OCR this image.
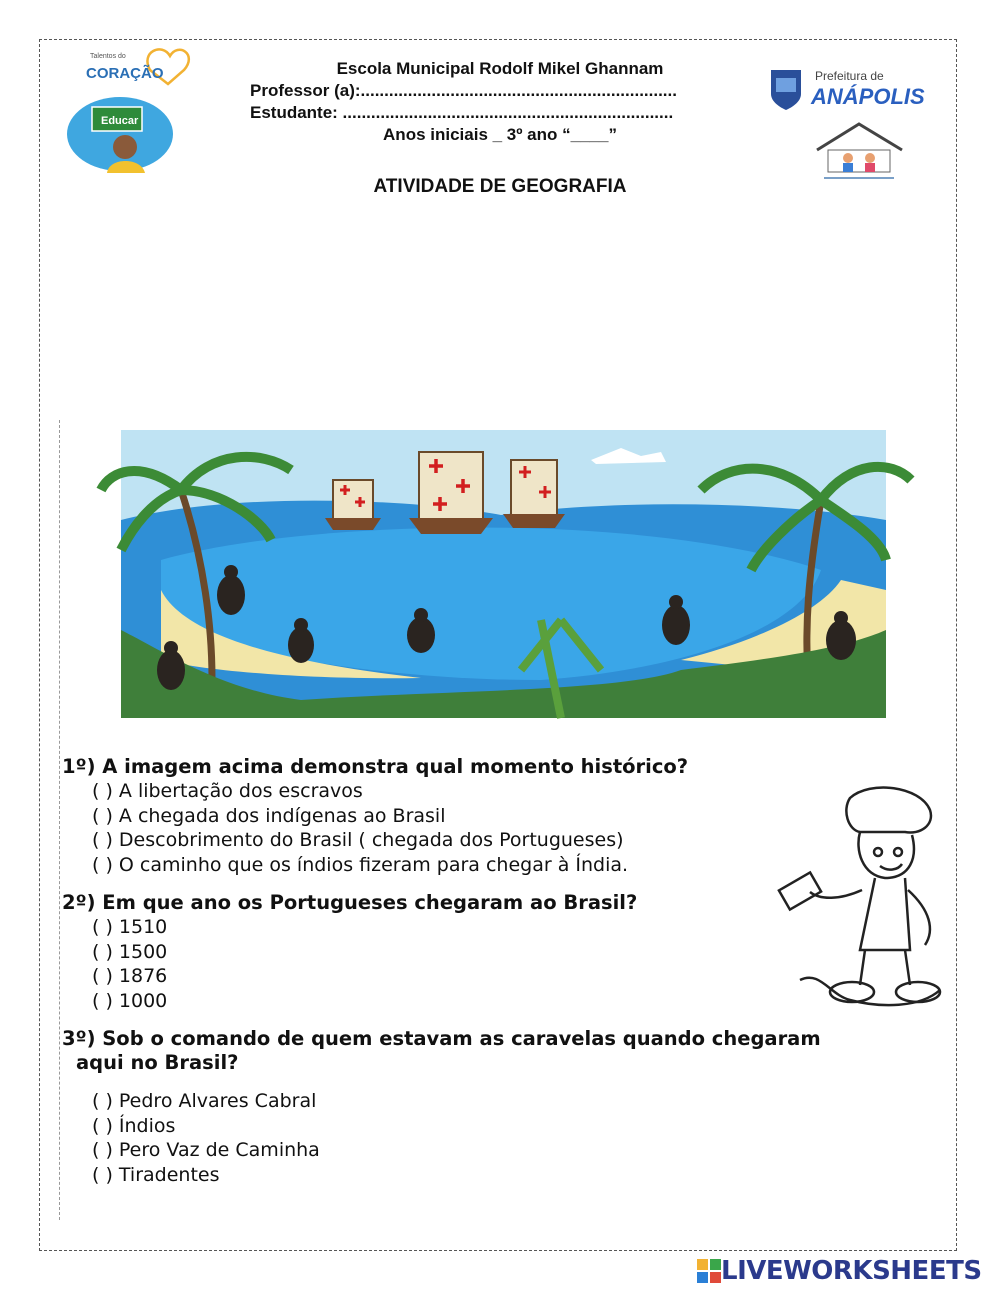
Talentos do
CORAÇÃO
Educar
Escola Municipal Rodolf Mikel Ghannam
Professor (a):...................................................................
Estudante: ......................................................................
Anos iniciais _ 3º ano “____”
Prefeitura de
ANÁPOLIS
ATIVIDADE DE GEOGRAFIA

1º) A imagem acima demonstra qual momento histórico?

( ) A libertação dos escravos
( ) A chegada dos indígenas ao Brasil
( ) Descobrimento do Brasil ( chegada dos Portugueses)
( ) O caminho que os índios fizeram para chegar à Índia.

2º) Em que ano os Portugueses chegaram ao Brasil?

( ) 1510
( ) 1500
( ) 1876
( ) 1000

3º) Sob o comando de quem estavam as caravelas quando chegaram
aqui no Brasil?

( ) Pedro Alvares Cabral
( ) Índios
( ) Pero Vaz de Caminha
( ) Tiradentes
LIVEWORKSHEETS
